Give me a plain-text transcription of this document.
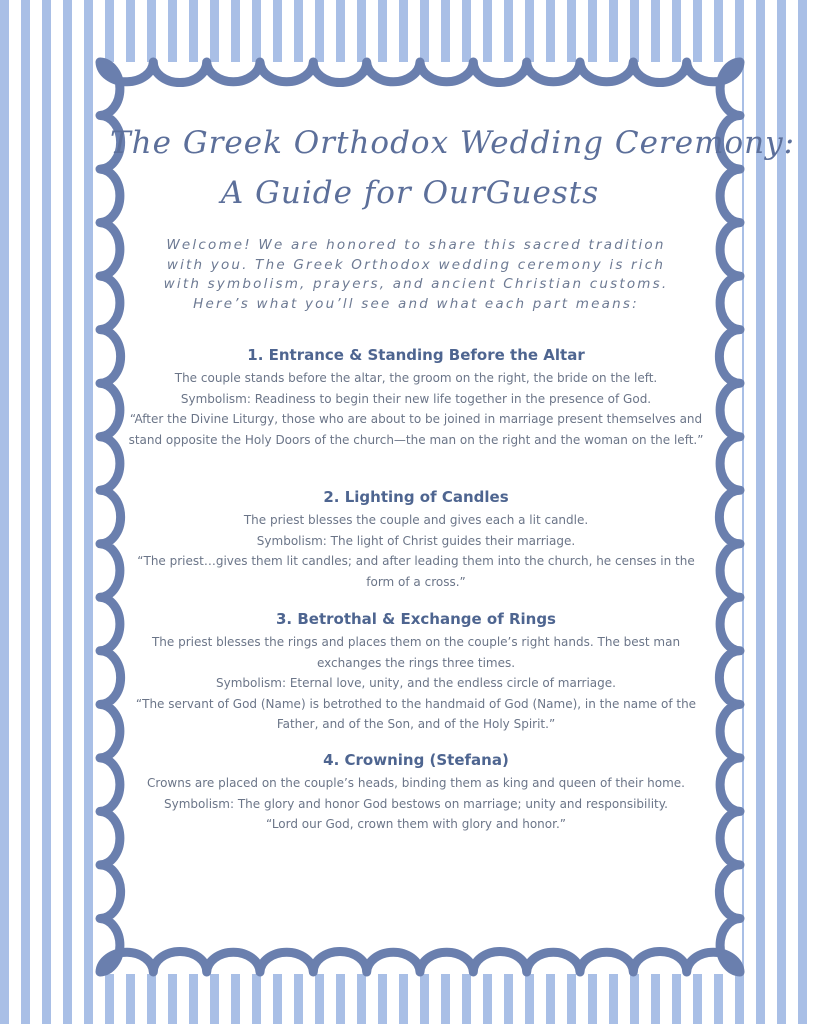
The Greek Orthodox Wedding Ceremony:
A Guide for OurGuests
Welcome! We are honored to share this sacred tradition with you. The Greek Orthodox wedding ceremony is rich with symbolism, prayers, and ancient Christian customs. Here’s what you’ll see and what each part means:
1. Entrance & Standing Before the Altar

The couple stands before the altar, the groom on the right, the bride on the left.

Symbolism: Readiness to begin their new life together in the presence of God.

“After the Divine Liturgy, those who are about to be joined in marriage present themselves and stand opposite the Holy Doors of the church—the man on the right and the woman on the left.”

2. Lighting of Candles

The priest blesses the couple and gives each a lit candle.

Symbolism: The light of Christ guides their marriage.

“The priest…gives them lit candles; and after leading them into the church, he censes in the form of a cross.”

3. Betrothal & Exchange of Rings

The priest blesses the rings and places them on the couple’s right hands. The best man exchanges the rings three times.

Symbolism: Eternal love, unity, and the endless circle of marriage.

“The servant of God (Name) is betrothed to the handmaid of God (Name), in the name of the Father, and of the Son, and of the Holy Spirit.”

4. Crowning (Stefana)

Crowns are placed on the couple’s heads, binding them as king and queen of their home.

Symbolism: The glory and honor God bestows on marriage; unity and responsibility.

“Lord our God, crown them with glory and honor.”
